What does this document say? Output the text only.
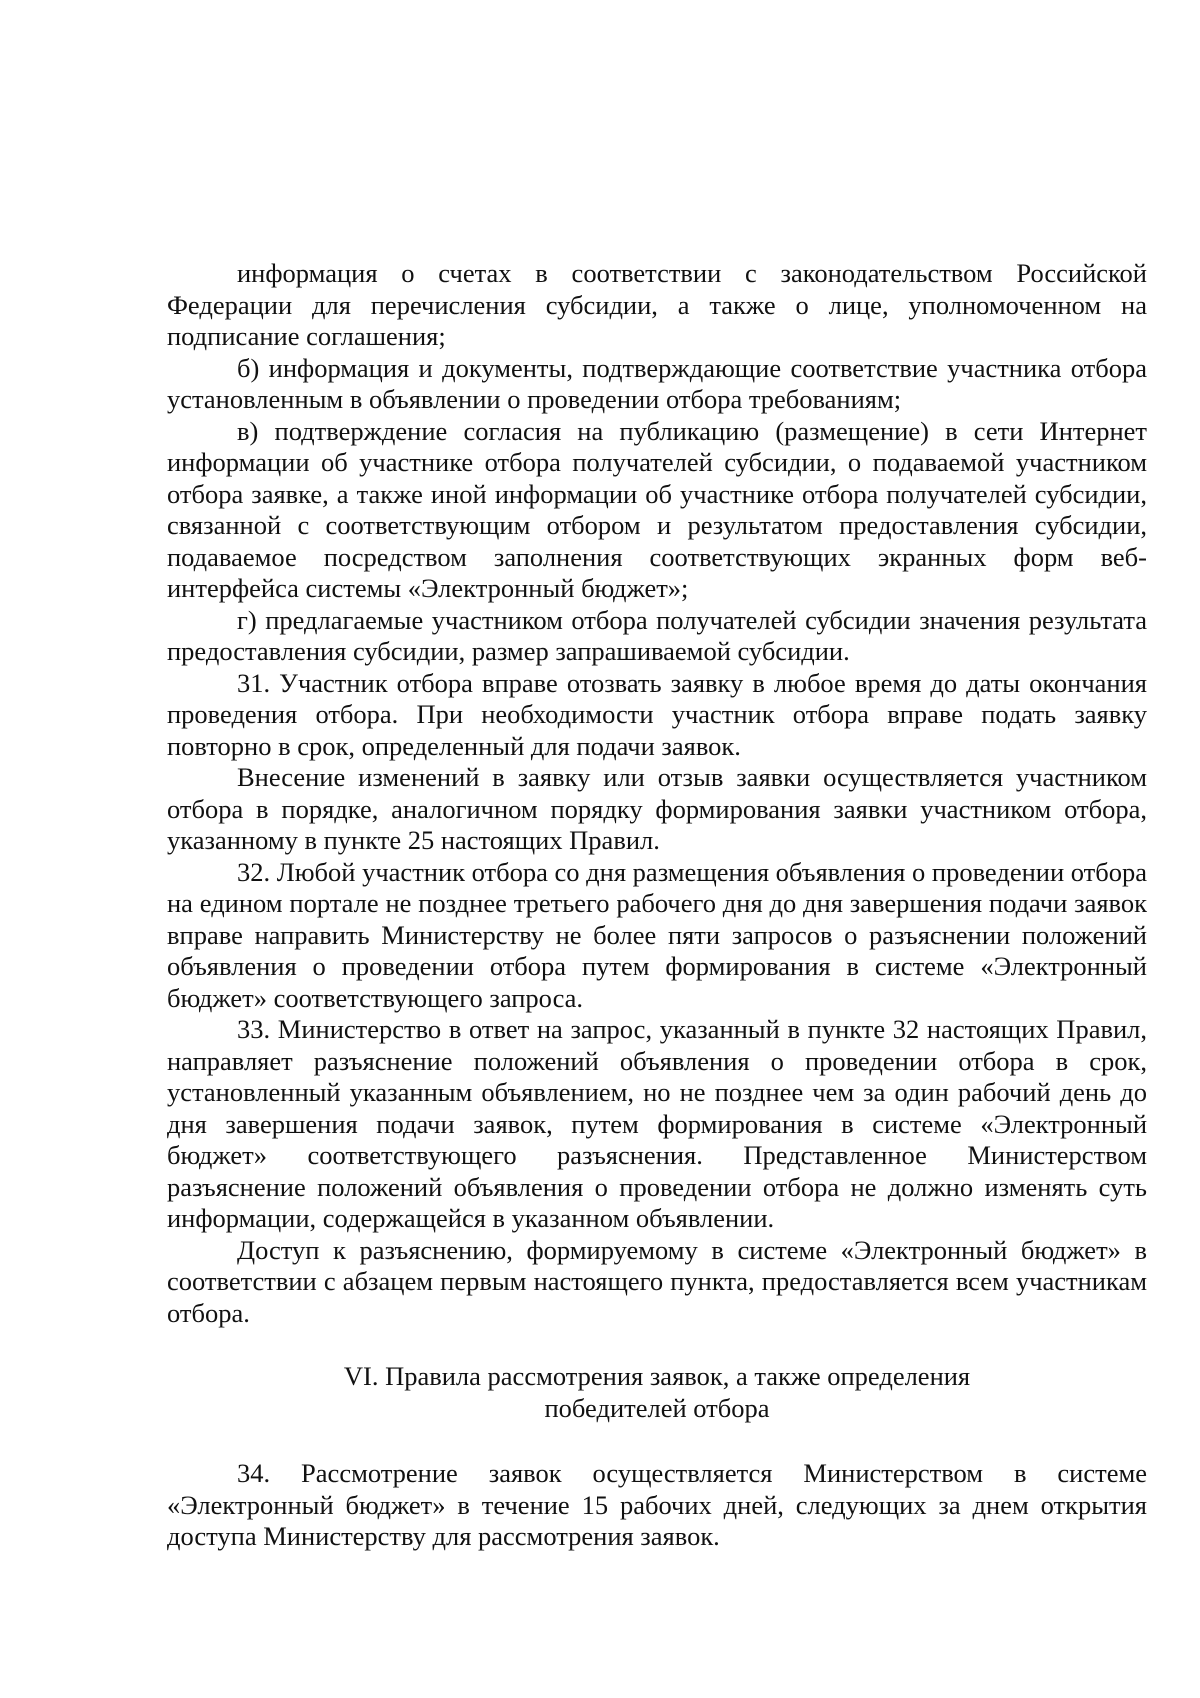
информация о счетах в соответствии с законодательством Российской Федерации для перечисления субсидии, а также о лице, уполномоченном на подписание соглашения;

б) информация и документы, подтверждающие соответствие участника отбора установленным в объявлении о проведении отбора требованиям;

в) подтверждение согласия на публикацию (размещение) в сети Интернет информации об участнике отбора получателей субсидии, о подаваемой участником отбора заявке, а также иной информации об участнике отбора получателей субсидии, связанной с соответствующим отбором и результатом предоставления субсидии, подаваемое посредством заполнения соответствующих экранных форм веб-интерфейса системы «Электронный бюджет»;

г) предлагаемые участником отбора получателей субсидии значения результата предоставления субсидии, размер запрашиваемой субсидии.

31. Участник отбора вправе отозвать заявку в любое время до даты окончания проведения отбора. При необходимости участник отбора вправе подать заявку повторно в срок, определенный для подачи заявок.

Внесение изменений в заявку или отзыв заявки осуществляется участником отбора в порядке, аналогичном порядку формирования заявки участником отбора, указанному в пункте 25 настоящих Правил.

32. Любой участник отбора со дня размещения объявления о проведении отбора на едином портале не позднее третьего рабочего дня до дня завершения подачи заявок вправе направить Министерству не более пяти запросов о разъяснении положений объявления о проведении отбора путем формирования в системе «Электронный бюджет» соответствующего запроса.

33. Министерство в ответ на запрос, указанный в пункте 32 настоящих Правил, направляет разъяснение положений объявления о проведении отбора в срок, установленный указанным объявлением, но не позднее чем за один рабочий день до дня завершения подачи заявок, путем формирования в системе «Электронный бюджет» соответствующего разъяснения. Представленное Министерством разъяснение положений объявления о проведении отбора не должно изменять суть информации, содержащейся в указанном объявлении.

Доступ к разъяснению, формируемому в системе «Электронный бюджет» в соответствии с абзацем первым настоящего пункта, предоставляется всем участникам отбора.

VI. Правила рассмотрения заявок, а также определения
победителей отбора

34. Рассмотрение заявок осуществляется Министерством в системе «Электронный бюджет» в течение 15 рабочих дней, следующих за днем открытия доступа Министерству для рассмотрения заявок.
